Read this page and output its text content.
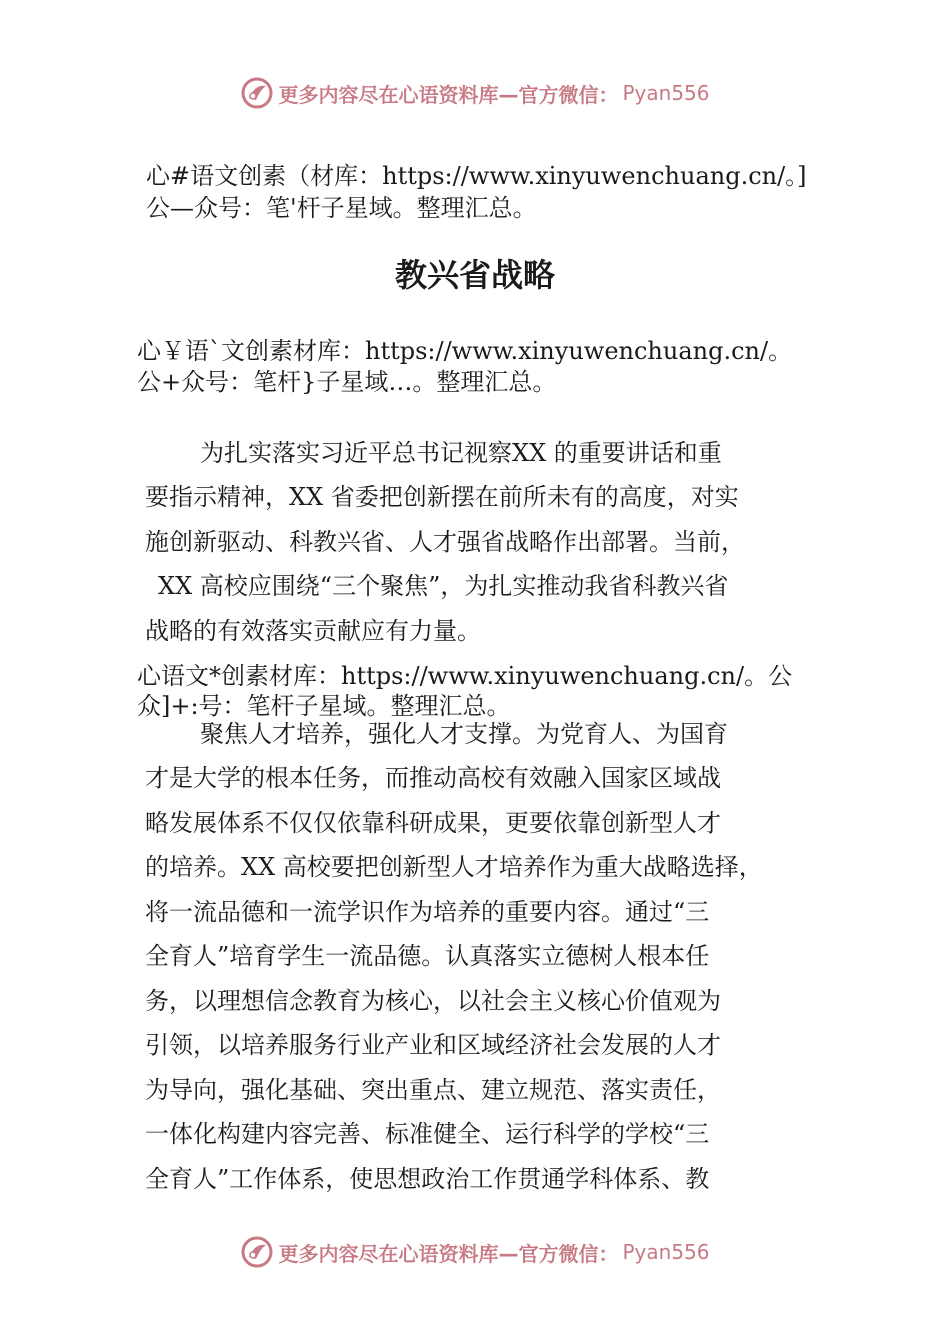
更多内容尽在心语资料库—官方微信： Pyan556
心#语文创素（材库：https://www.xinyuwenchuang.cn/。]
公—众号：笔'杆子星域。整理汇总。
教兴省战略
心￥语`文创素材库：https://www.xinyuwenchuang.cn/。
公+众号：笔杆}子星域…。整理汇总。
为扎实落实习近平总书记视察XX 的重要讲话和重
要指示精神，XX 省委把创新摆在前所未有的高度，对实
施创新驱动、科教兴省、人才强省战略作出部署。当前，
XX 高校应围绕“三个聚焦”，为扎实推动我省科教兴省
战略的有效落实贡献应有力量。
心语文*创素材库：https://www.xinyuwenchuang.cn/。公
众]+:号：笔杆子星域。整理汇总。
聚焦人才培养，强化人才支撑。为党育人、为国育
才是大学的根本任务，而推动高校有效融入国家区域战
略发展体系不仅仅依靠科研成果，更要依靠创新型人才
的培养。XX 高校要把创新型人才培养作为重大战略选择，
将一流品德和一流学识作为培养的重要内容。通过“三
全育人”培育学生一流品德。认真落实立德树人根本任
务，以理想信念教育为核心，以社会主义核心价值观为
引领，以培养服务行业产业和区域经济社会发展的人才
为导向，强化基础、突出重点、建立规范、落实责任，
一体化构建内容完善、标准健全、运行科学的学校“三
全育人”工作体系，使思想政治工作贯通学科体系、教
更多内容尽在心语资料库—官方微信： Pyan556
